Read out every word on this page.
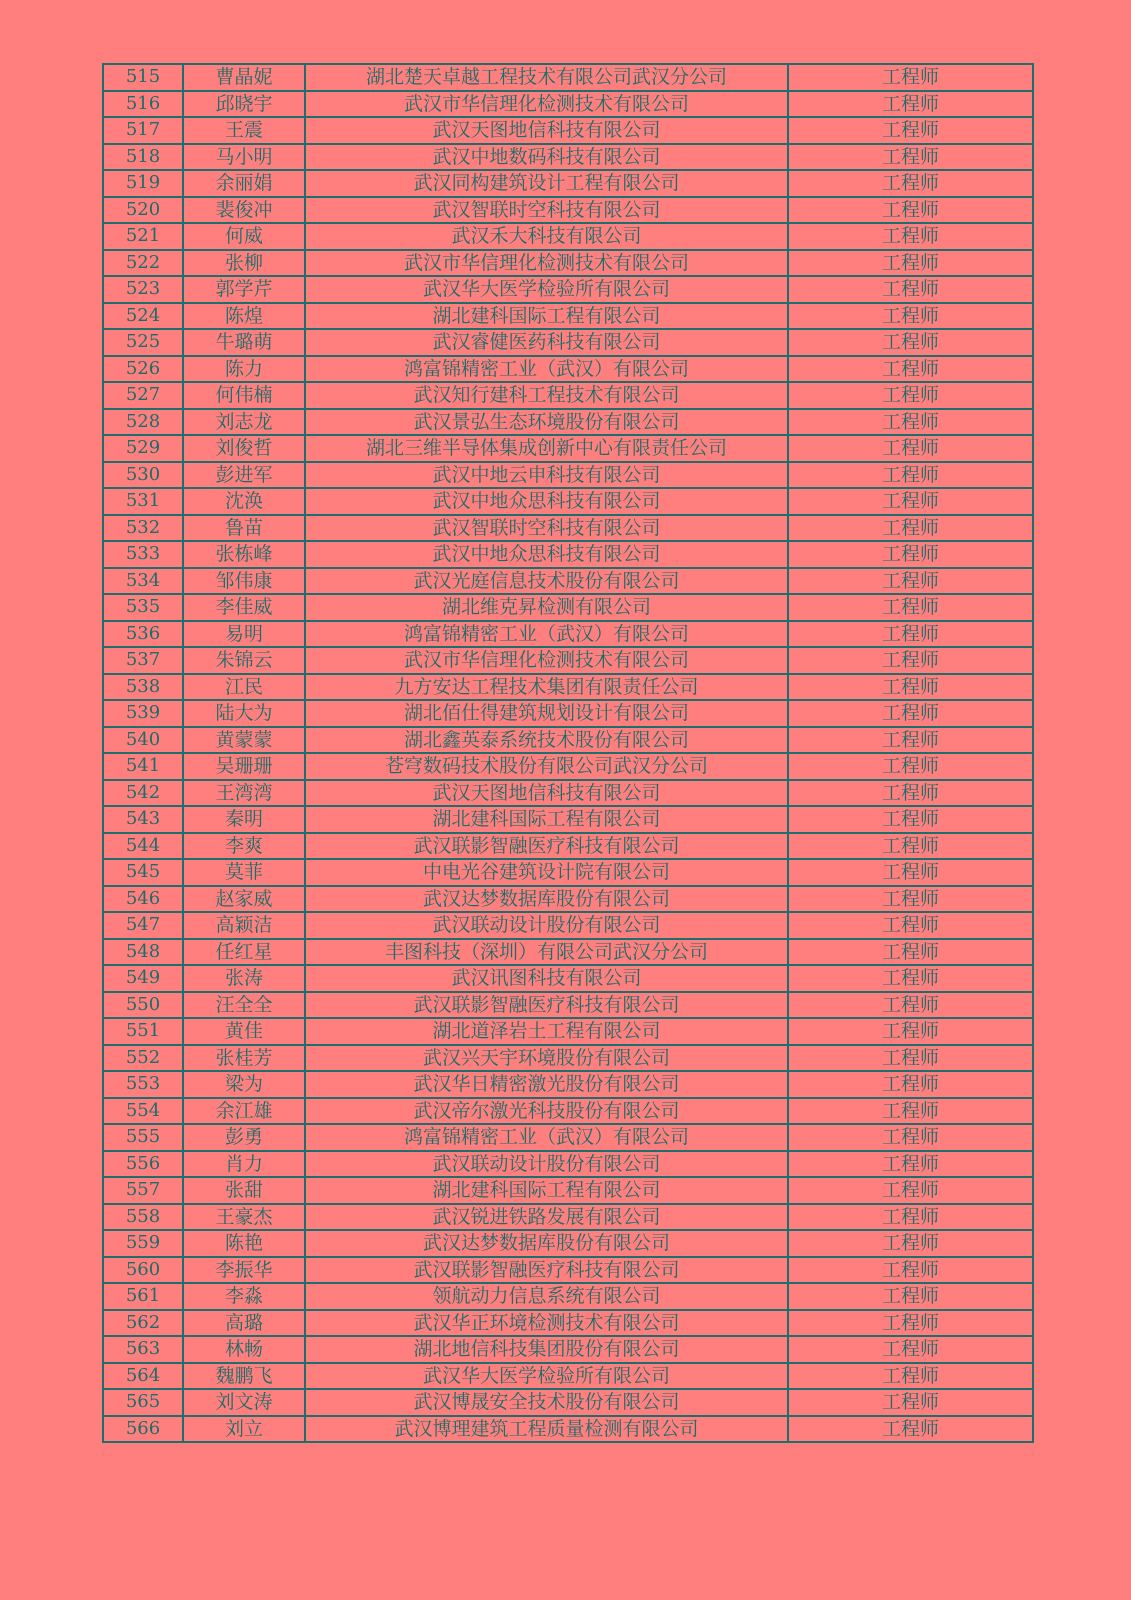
515	曹晶妮	湖北楚天卓越工程技术有限公司武汉分公司	工程师
516	邱晓宇	武汉市华信理化检测技术有限公司	工程师
517	王震	武汉天图地信科技有限公司	工程师
518	马小明	武汉中地数码科技有限公司	工程师
519	余丽娟	武汉同构建筑设计工程有限公司	工程师
520	裴俊冲	武汉智联时空科技有限公司	工程师
521	何威	武汉禾大科技有限公司	工程师
522	张柳	武汉市华信理化检测技术有限公司	工程师
523	郭学芹	武汉华大医学检验所有限公司	工程师
524	陈煌	湖北建科国际工程有限公司	工程师
525	牛璐萌	武汉睿健医药科技有限公司	工程师
526	陈力	鸿富锦精密工业（武汉）有限公司	工程师
527	何伟楠	武汉知行建科工程技术有限公司	工程师
528	刘志龙	武汉景弘生态环境股份有限公司	工程师
529	刘俊哲	湖北三维半导体集成创新中心有限责任公司	工程师
530	彭进军	武汉中地云申科技有限公司	工程师
531	沈涣	武汉中地众思科技有限公司	工程师
532	鲁苗	武汉智联时空科技有限公司	工程师
533	张栋峰	武汉中地众思科技有限公司	工程师
534	邹伟康	武汉光庭信息技术股份有限公司	工程师
535	李佳威	湖北维克昇检测有限公司	工程师
536	易明	鸿富锦精密工业（武汉）有限公司	工程师
537	朱锦云	武汉市华信理化检测技术有限公司	工程师
538	江民	九方安达工程技术集团有限责任公司	工程师
539	陆大为	湖北佰仕得建筑规划设计有限公司	工程师
540	黄蒙蒙	湖北鑫英泰系统技术股份有限公司	工程师
541	吴珊珊	苍穹数码技术股份有限公司武汉分公司	工程师
542	王湾湾	武汉天图地信科技有限公司	工程师
543	秦明	湖北建科国际工程有限公司	工程师
544	李爽	武汉联影智融医疗科技有限公司	工程师
545	莫菲	中电光谷建筑设计院有限公司	工程师
546	赵家威	武汉达梦数据库股份有限公司	工程师
547	高颖洁	武汉联动设计股份有限公司	工程师
548	任红星	丰图科技（深圳）有限公司武汉分公司	工程师
549	张涛	武汉讯图科技有限公司	工程师
550	汪全全	武汉联影智融医疗科技有限公司	工程师
551	黄佳	湖北道泽岩土工程有限公司	工程师
552	张桂芳	武汉兴天宇环境股份有限公司	工程师
553	梁为	武汉华日精密激光股份有限公司	工程师
554	余江雄	武汉帝尔激光科技股份有限公司	工程师
555	彭勇	鸿富锦精密工业（武汉）有限公司	工程师
556	肖力	武汉联动设计股份有限公司	工程师
557	张甜	湖北建科国际工程有限公司	工程师
558	王豪杰	武汉锐进铁路发展有限公司	工程师
559	陈艳	武汉达梦数据库股份有限公司	工程师
560	李振华	武汉联影智融医疗科技有限公司	工程师
561	李淼	领航动力信息系统有限公司	工程师
562	高璐	武汉华正环境检测技术有限公司	工程师
563	林畅	湖北地信科技集团股份有限公司	工程师
564	魏鹏飞	武汉华大医学检验所有限公司	工程师
565	刘文涛	武汉博晟安全技术股份有限公司	工程师
566	刘立	武汉博理建筑工程质量检测有限公司	工程师
